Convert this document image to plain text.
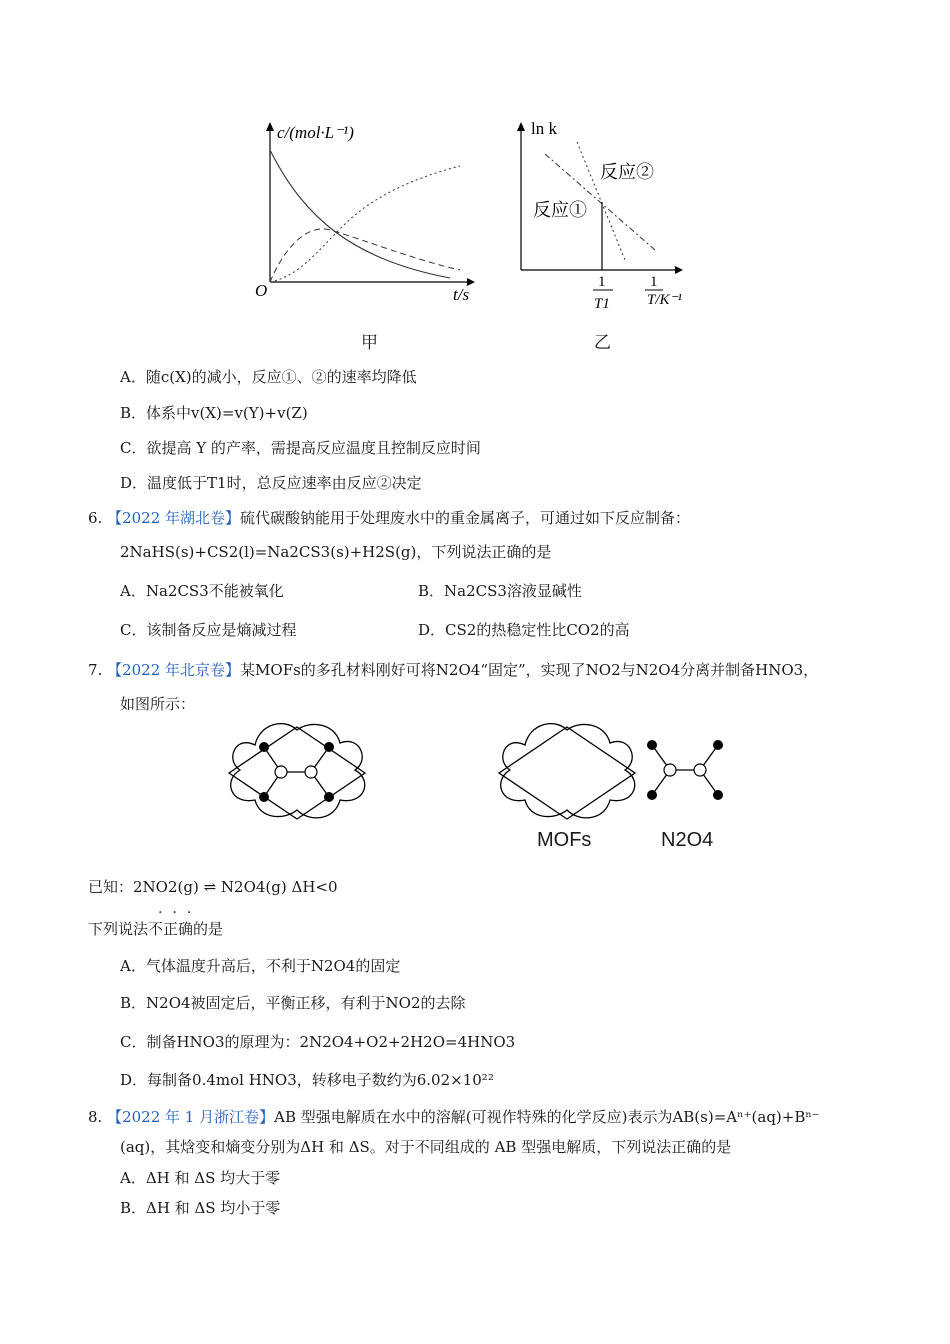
c/(mol·L⁻¹)
O	t/s
甲
ln k
反应②
反应①
1
T1
1
T/K⁻¹
乙
A．随c(X)的减小，反应①、②的速率均降低
B．体系中v(X)=v(Y)+v(Z)
C．欲提高 Y 的产率，需提高反应温度且控制反应时间
D．温度低于T1时，总反应速率由反应②决定
6. 【2022 年湖北卷】硫代碳酸钠能用于处理废水中的重金属离子，可通过如下反应制备：
2NaHS(s)+CS2(l)=Na2CS3(s)+H2S(g)，下列说法正确的是
A．Na2CS3不能被氧化	B．Na2CS3溶液显碱性
C．该制备反应是熵减过程	D．CS2的热稳定性比CO2的高
7. 【2022 年北京卷】某MOFs的多孔材料刚好可将N2O4“固定”，实现了NO2与N2O4分离并制备HNO3，
如图所示：
MOFs	N2O4
已知：2NO2(g) ⇌ N2O4(g) ΔH<0
下列说法不正确的是
···
A．气体温度升高后，不利于N2O4的固定
B．N2O4被固定后，平衡正移，有利于NO2的去除
C．制备HNO3的原理为：2N2O4+O2+2H2O=4HNO3
D．每制备0.4mol HNO3，转移电子数约为6.02×10²²
8. 【2022 年 1 月浙江卷】AB 型强电解质在水中的溶解(可视作特殊的化学反应)表示为AB(s)=Aⁿ⁺(aq)+Bⁿ⁻
(aq)，其焓变和熵变分别为ΔH 和 ΔS。对于不同组成的 AB 型强电解质，下列说法正确的是
A．ΔH 和 ΔS 均大于零
B．ΔH 和 ΔS 均小于零
